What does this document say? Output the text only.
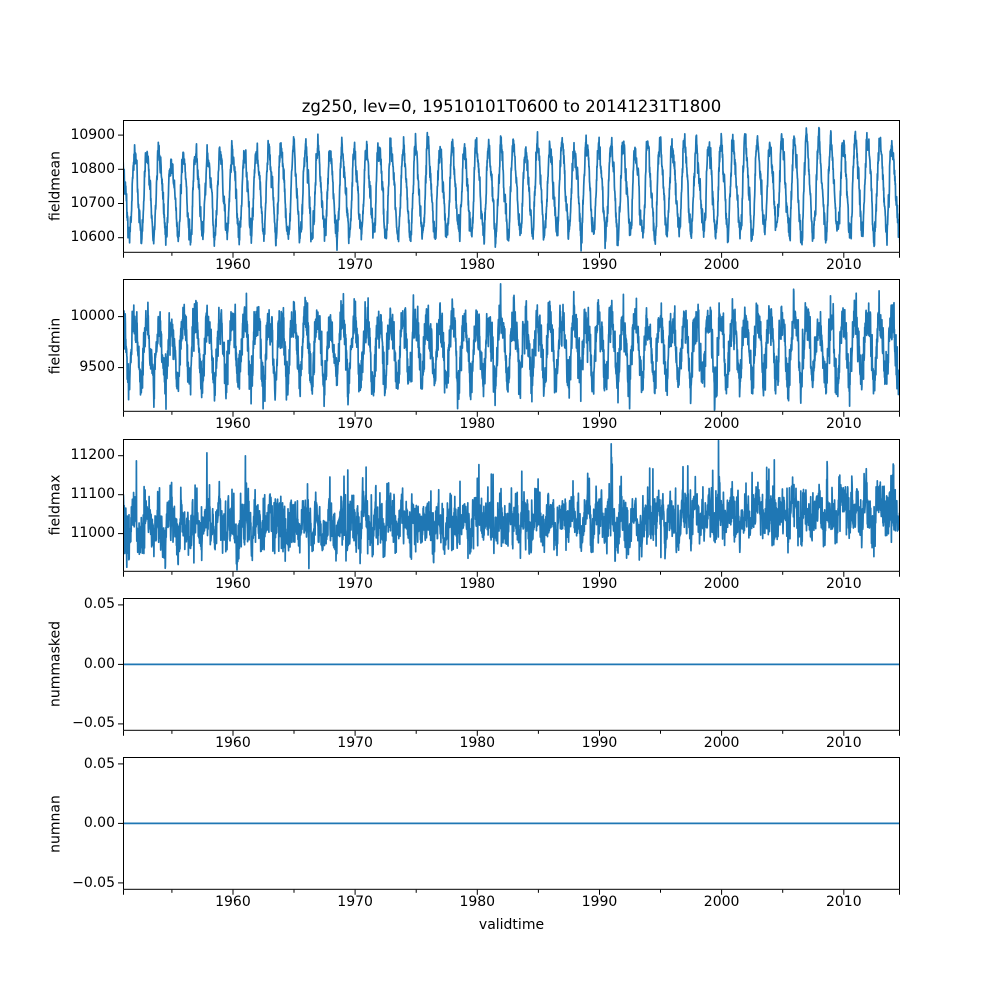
zg250, lev=0, 19510101T0600 to 20141231T1800
10900
10800
10700
10600
1960	1970	1980	1990	2000	2010
fieldmean
10000
9500
1960	1970	1980	1990	2000	2010
fieldmin
11200
11100
11000
1960	1970	1980	1990	2000	2010
fieldmax
0.05
0.00
−0.05
1960	1970	1980	1990	2000	2010
nummasked
0.05
0.00
−0.05
1960	1970	1980	1990	2000	2010
numnan
validtime
